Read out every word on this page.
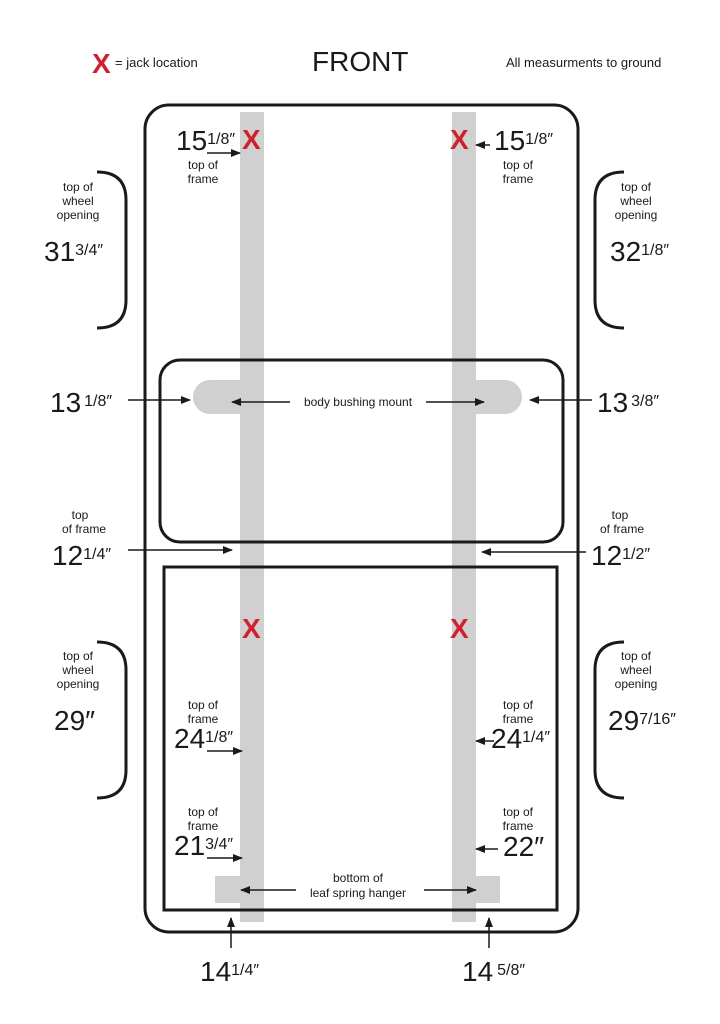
X = jack location	FRONT	All measurments to ground
X	X
X	X
151/8″
top of
frame
151/8″
top of
frame
top of
wheel
opening
313/4″
top of
wheel
opening
321/8″
13 1/8″	body bushing mount	13 3/8″
top
of frame
121/4″
top
of frame
121/2″
top of
wheel
opening
29″
top of
wheel
opening
297/16″
top of
frame
241/8″
top of
frame
241/4″
top of
frame
213/4″
top of
frame
22″
bottom of
leaf spring hanger
141/4″	14 5/8″
